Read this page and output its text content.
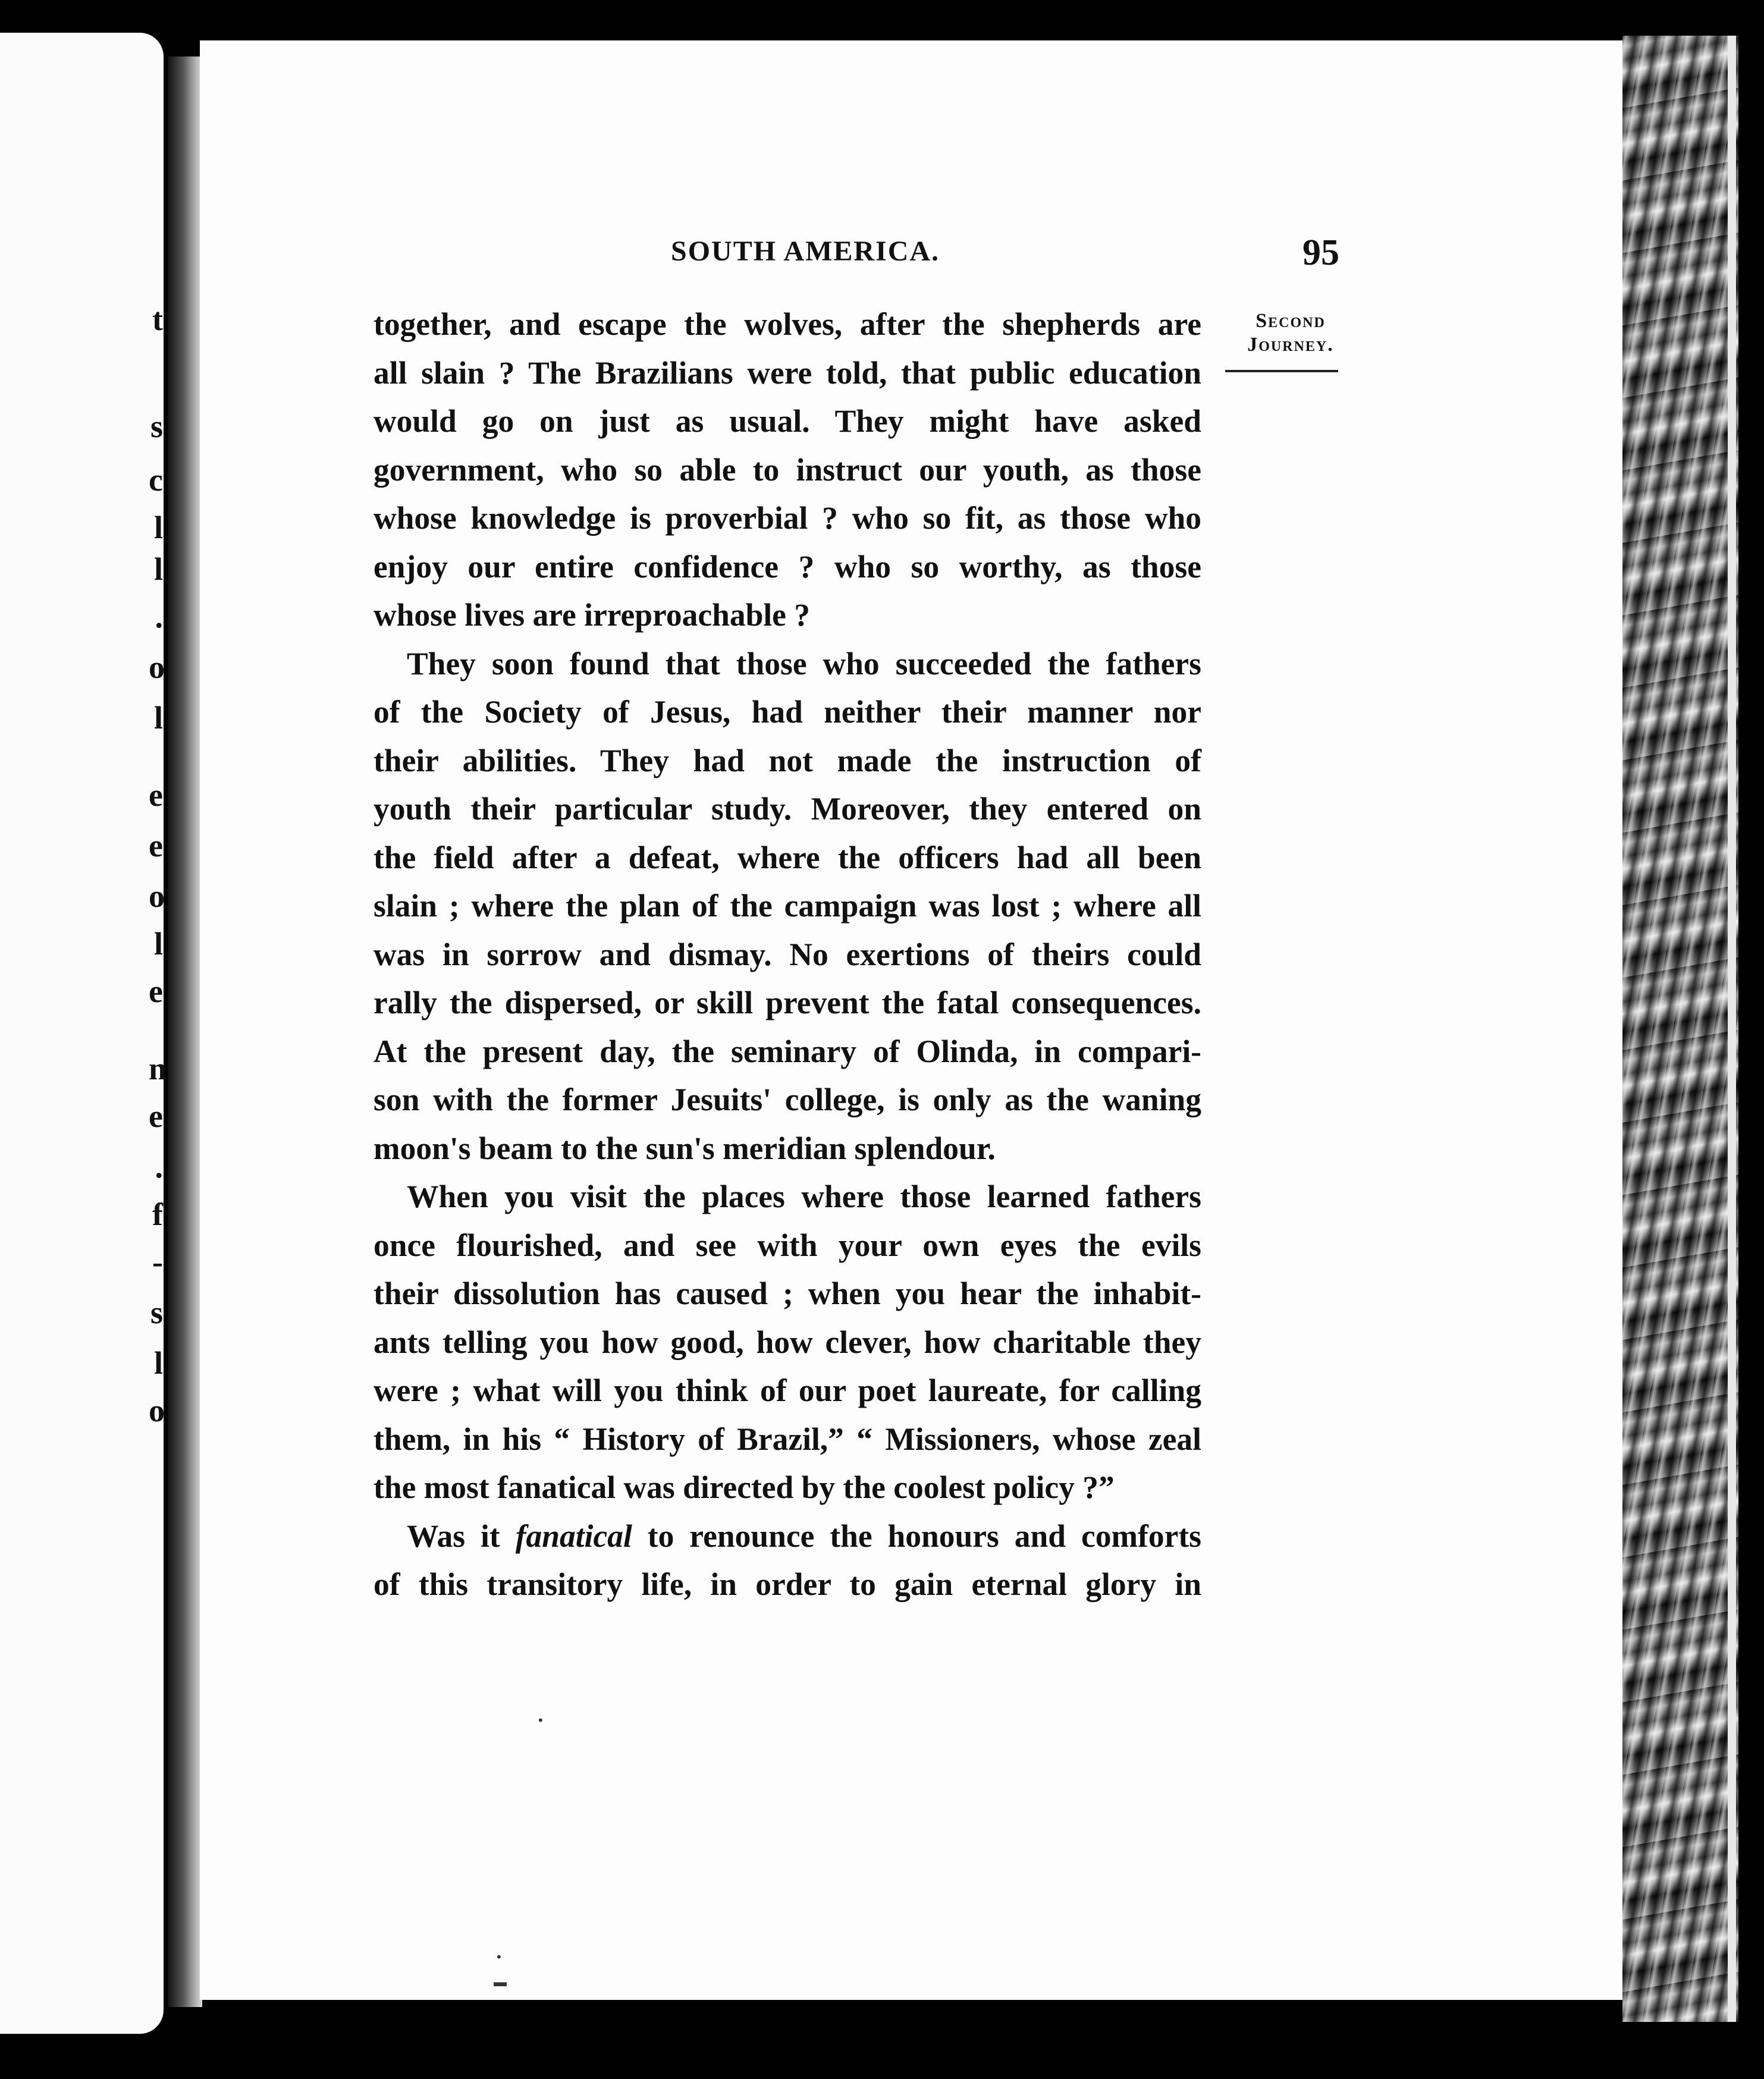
t
s
c
l
l
.
o
l
e
e
o
l
e
n
e
.
f
-
s
l
o
SOUTH AMERICA.	95
Second
Journey.
together, and escape the wolves, after the shepherds are
all slain ? The Brazilians were told, that public education
would go on just as usual. They might have asked
government, who so able to instruct our youth, as those
whose knowledge is proverbial ? who so fit, as those who
enjoy our entire confidence ? who so worthy, as those
whose lives are irreproachable ?
They soon found that those who succeeded the fathers
of the Society of Jesus, had neither their manner nor
their abilities. They had not made the instruction of
youth their particular study. Moreover, they entered on
the field after a defeat, where the officers had all been
slain ; where the plan of the campaign was lost ; where all
was in sorrow and dismay. No exertions of theirs could
rally the dispersed, or skill prevent the fatal consequences.
At the present day, the seminary of Olinda, in compari-
son with the former Jesuits' college, is only as the waning
moon's beam to the sun's meridian splendour.
When you visit the places where those learned fathers
once flourished, and see with your own eyes the evils
their dissolution has caused ; when you hear the inhabit-
ants telling you how good, how clever, how charitable they
were ; what will you think of our poet laureate, for calling
them, in his “ History of Brazil,” “ Missioners, whose zeal
the most fanatical was directed by the coolest policy ?”
Was it fanatical to renounce the honours and comforts
of this transitory life, in order to gain eternal glory in
•
•
▬
